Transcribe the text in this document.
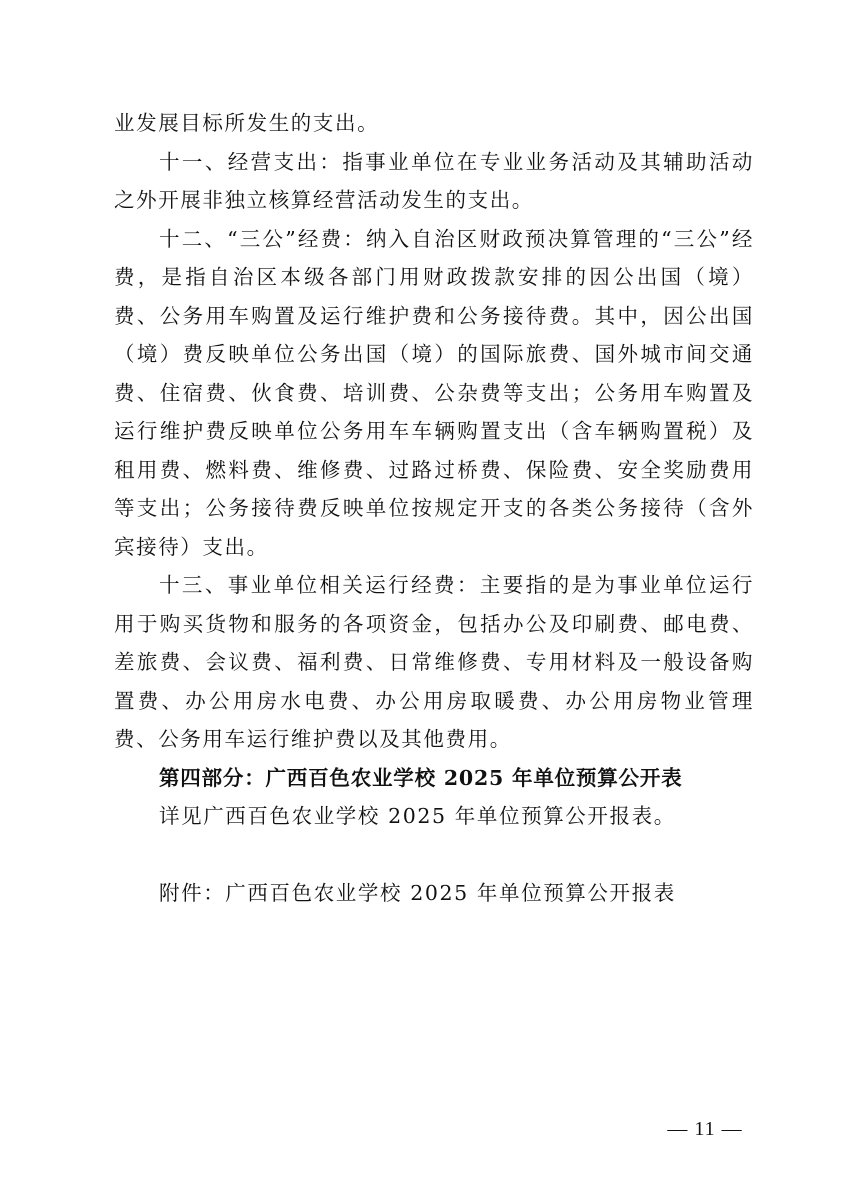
业发展目标所发生的支出。

十一、经营支出：指事业单位在专业业务活动及其辅助活动之外开展非独立核算经营活动发生的支出。

十二、“三公”经费：纳入自治区财政预决算管理的“三公”经费，是指自治区本级各部门用财政拨款安排的因公出国（境）费、公务用车购置及运行维护费和公务接待费。其中，因公出国（境）费反映单位公务出国（境）的国际旅费、国外城市间交通费、住宿费、伙食费、培训费、公杂费等支出；公务用车购置及运行维护费反映单位公务用车车辆购置支出（含车辆购置税）及租用费、燃料费、维修费、过路过桥费、保险费、安全奖励费用等支出；公务接待费反映单位按规定开支的各类公务接待（含外宾接待）支出。

十三、事业单位相关运行经费：主要指的是为事业单位运行用于购买货物和服务的各项资金，包括办公及印刷费、邮电费、差旅费、会议费、福利费、日常维修费、专用材料及一般设备购置费、办公用房水电费、办公用房取暖费、办公用房物业管理费、公务用车运行维护费以及其他费用。

第四部分：广西百色农业学校 2025 年单位预算公开表

详见广西百色农业学校 2025 年单位预算公开报表。

附件：广西百色农业学校 2025 年单位预算公开报表

— 11 —
